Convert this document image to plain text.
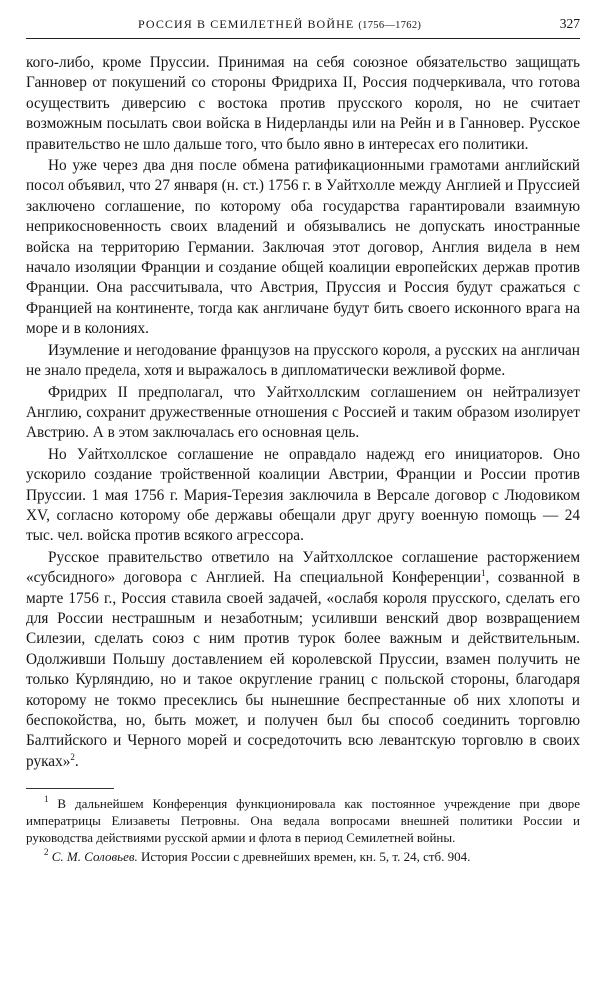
РОССИЯ В СЕМИЛЕТНЕЙ ВОЙНЕ (1756—1762)	327

кого-либо, кроме Пруссии. Принимая на себя союзное обязательство защищать Ганновер от покушений со стороны Фридриха II, Россия подчеркивала, что готова осуществить диверсию с востока против прусского короля, но не считает возможным посылать свои войска в Нидерланды или на Рейн и в Ганновер. Русское правительство не шло дальше того, что было явно в интересах его политики.

Но уже через два дня после обмена ратификационными грамотами английский посол объявил, что 27 января (н. ст.) 1756 г. в Уайтхолле между Англией и Пруссией заключено соглашение, по которому оба государства гарантировали взаимную неприкосновенность своих владений и обязывались не допускать иностранные войска на территорию Германии. Заключая этот договор, Англия видела в нем начало изоляции Франции и создание общей коалиции европейских держав против Франции. Она рассчитывала, что Австрия, Пруссия и Россия будут сражаться с Францией на континенте, тогда как англичане будут бить своего исконного врага на море и в колониях.

Изумление и негодование французов на прусского короля, а русских на англичан не знало предела, хотя и выражалось в дипломатически вежливой форме.

Фридрих II предполагал, что Уайтхоллским соглашением он нейтрализует Англию, сохранит дружественные отношения с Россией и таким образом изолирует Австрию. А в этом заключалась его основная цель.

Но Уайтхоллское соглашение не оправдало надежд его инициаторов. Оно ускорило создание тройственной коалиции Австрии, Франции и России против Пруссии. 1 мая 1756 г. Мария-Терезия заключила в Версале договор с Людовиком XV, согласно которому обе державы обещали друг другу военную помощь — 24 тыс. чел. войска против всякого агрессора.

Русское правительство ответило на Уайтхоллское соглашение расторжением «субсидного» договора с Англией. На специальной Конференции$^1$, созванной в марте 1756 г., Россия ставила своей задачей, «ослабя короля прусского, сделать его для России нестрашным и незаботным; усиливши венский двор возвращением Силезии, сделать союз с ним против турок более важным и действительным. Одолживши Польшу доставлением ей королевской Пруссии, взамен получить не только Курляндию, но и такое округление границ с польской стороны, благодаря которому не токмо пресеклись бы нынешние беспрестанные об них хлопоты и беспокойства, но, быть может, и получен был бы способ соединить торговлю Балтийского и Черного морей и сосредоточить всю левантскую торговлю в своих руках»$^2$.

$^1$ В дальнейшем Конференция функционировала как постоянное учреждение при дворе императрицы Елизаветы Петровны. Она ведала вопросами внешней политики России и руководства действиями русской армии и флота в период Семилетней войны.

$^2$ С. М. Соловьев. История России с древнейших времен, кн. 5, т. 24, стб. 904.
